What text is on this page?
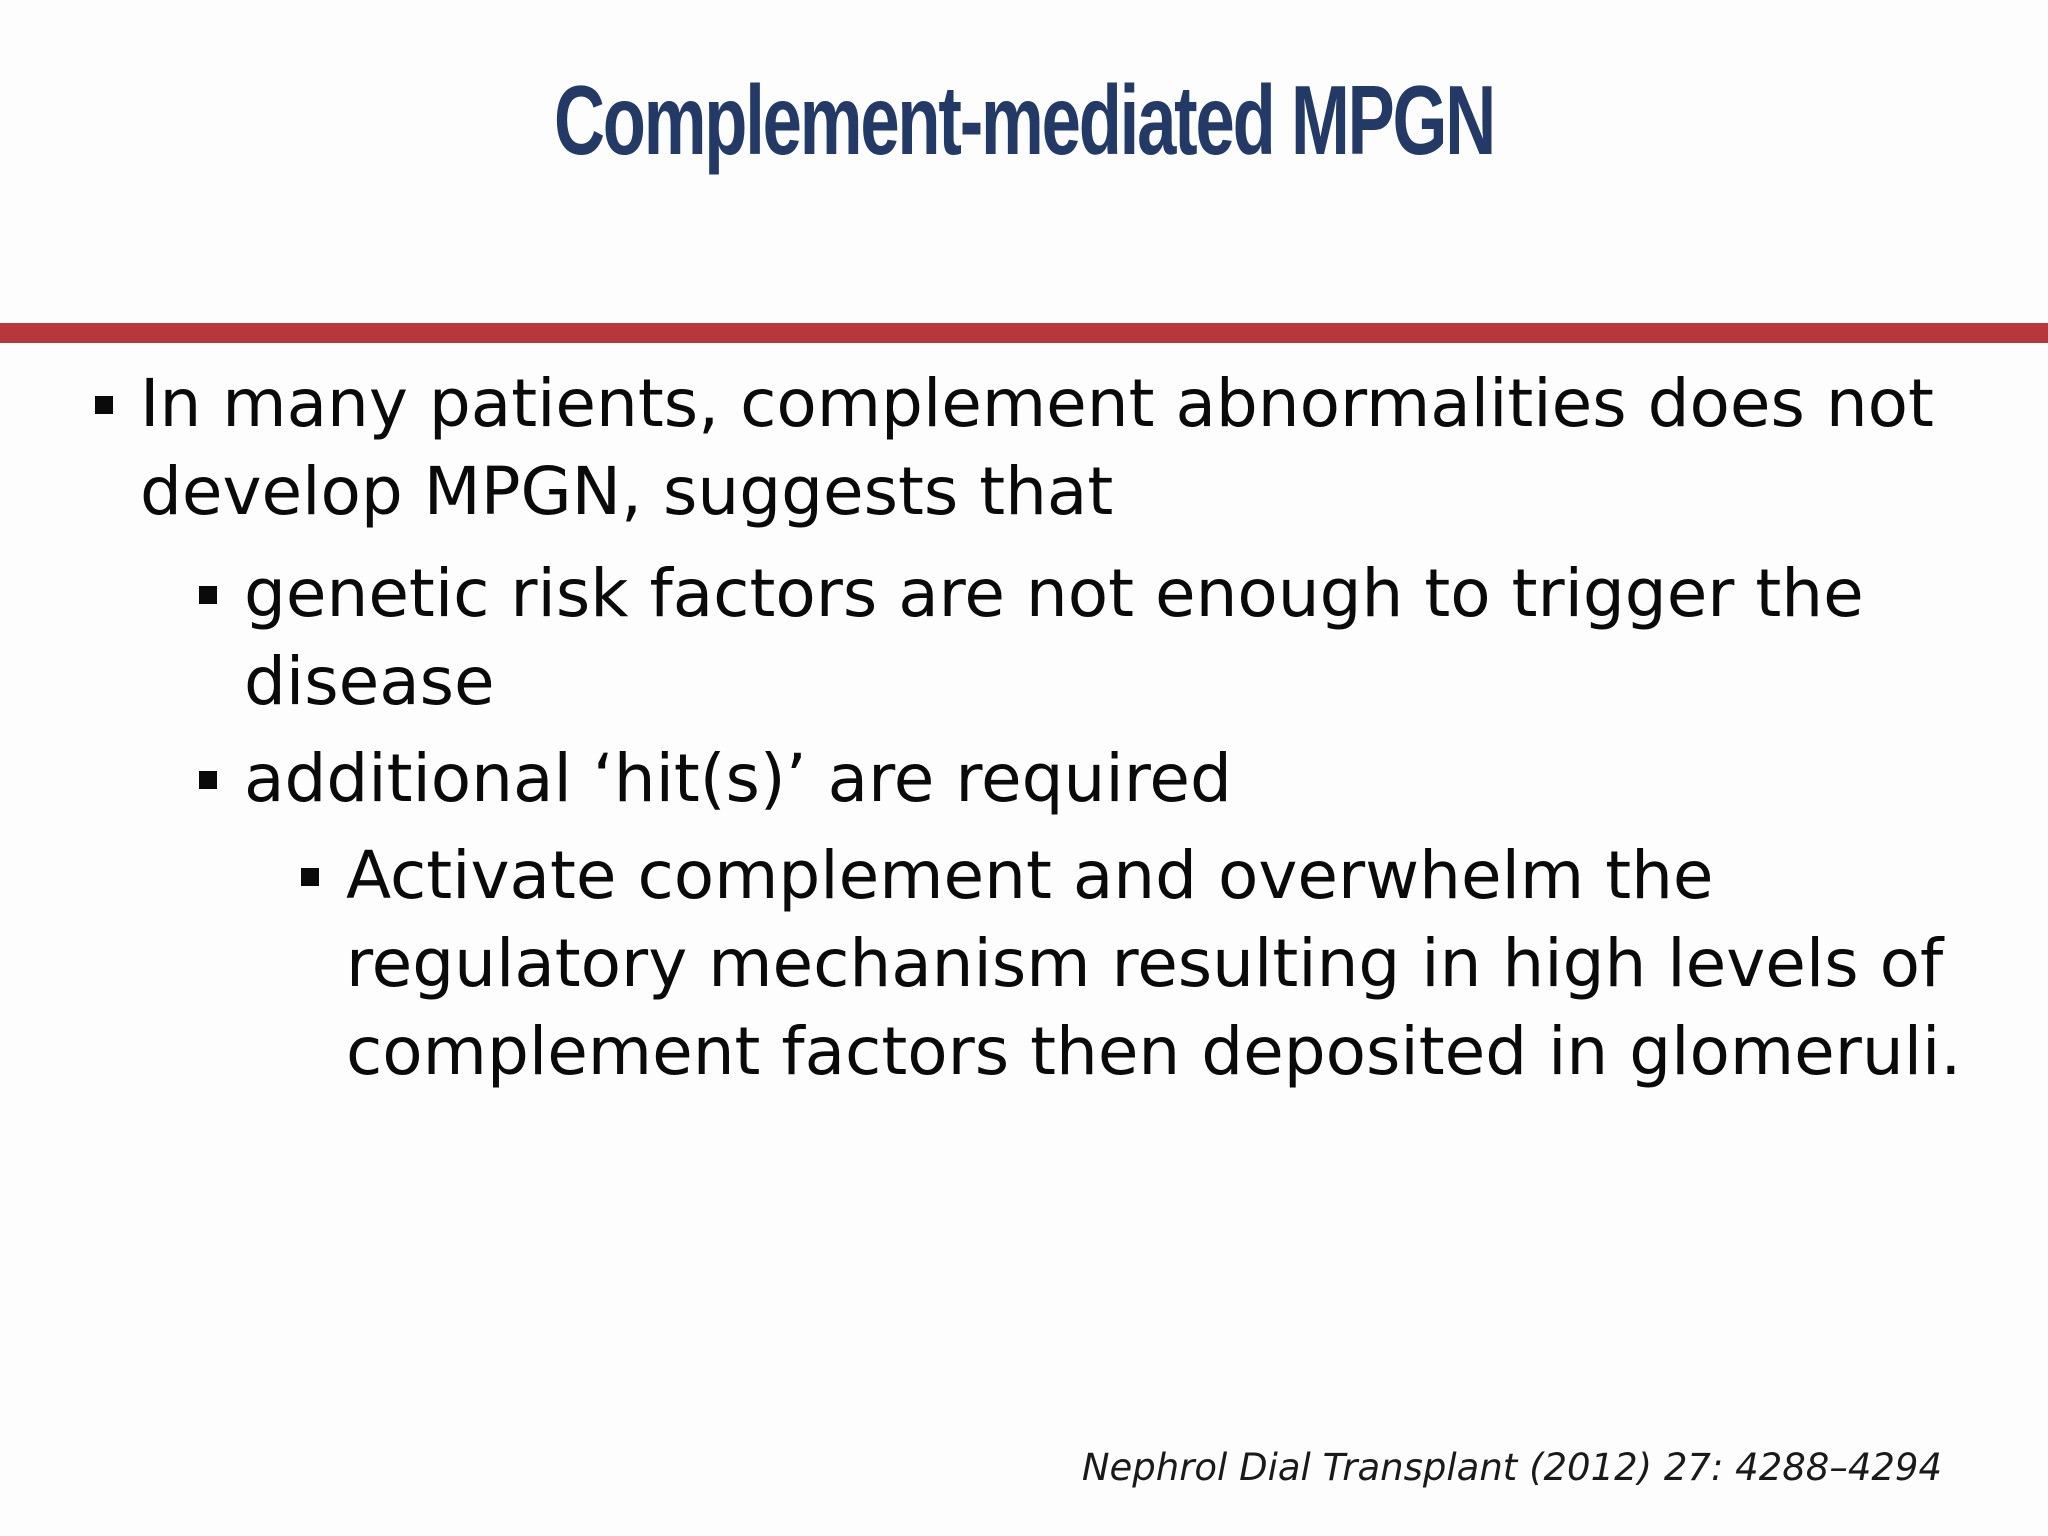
Complement-mediated MPGN
In many patients, complement abnormalities does not
develop MPGN, suggests that
genetic risk factors are not enough to trigger the
disease
additional ‘hit(s)’ are required
Activate complement and overwhelm the
regulatory mechanism resulting in high levels of
complement factors then deposited in glomeruli.
Nephrol Dial Transplant (2012) 27: 4288–4294
